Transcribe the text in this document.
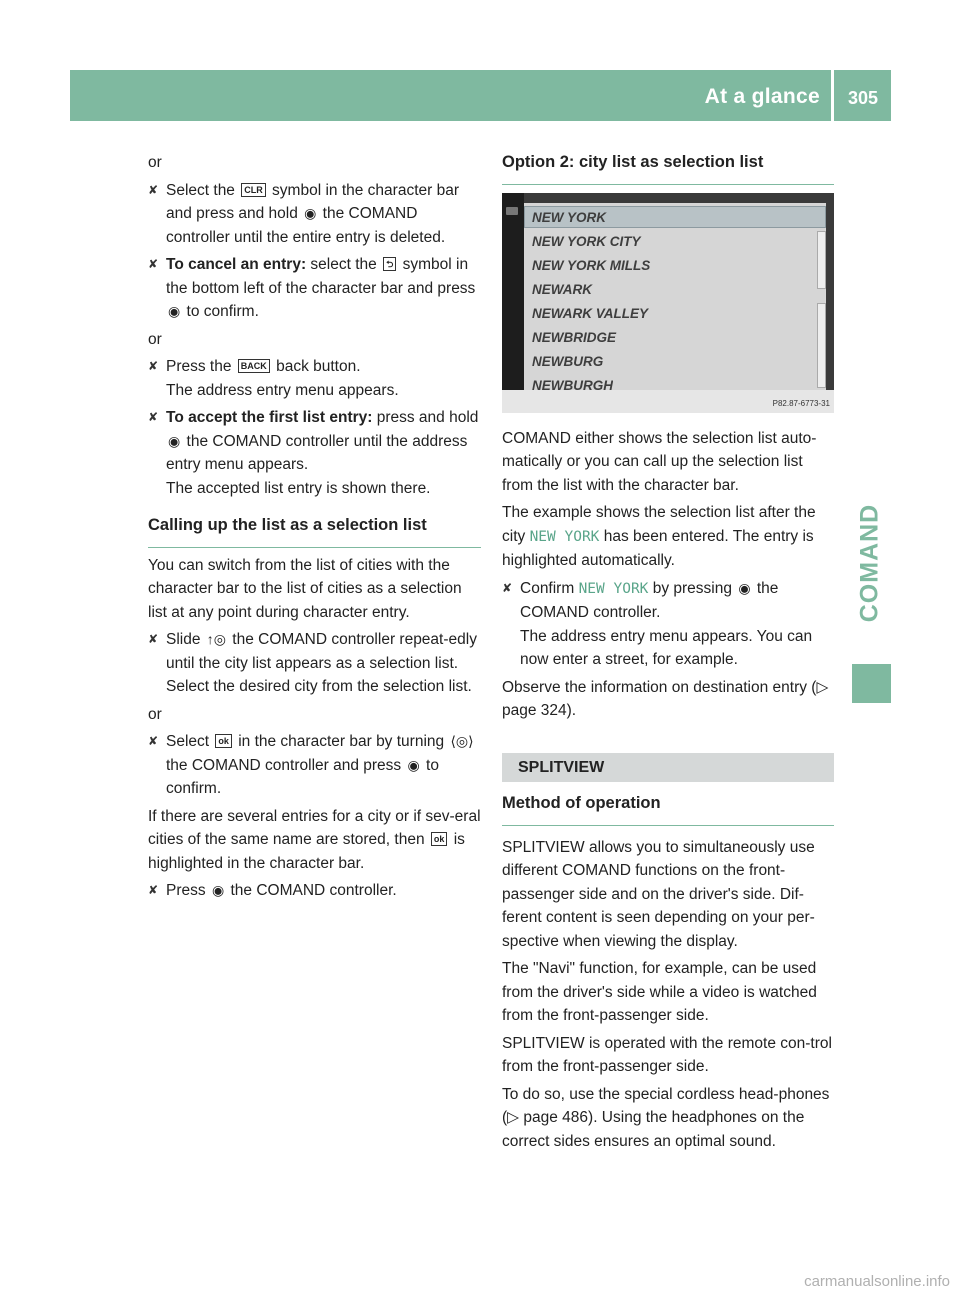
At a glance	305
COMAND

or

✘ Select the CLR symbol in the character bar and press and hold ◉ the COMAND controller until the entire entry is deleted.
✘ To cancel an entry: select the ⮌ symbol in the bottom left of the character bar and press ◉ to confirm.

or

✘ Press the BACK back button.
The address entry menu appears.
✘ To accept the first list entry: press and hold ◉ the COMAND controller until the address entry menu appears.
The accepted list entry is shown there.
Calling up the list as a selection list

You can switch from the list of cities with the character bar to the list of cities as a selection list at any point during character entry.

✘ Slide ↑◎ the COMAND controller repeat-edly until the city list appears as a selection list.
Select the desired city from the selection list.

or

✘ Select ok in the character bar by turning ⟨◎⟩ the COMAND controller and press ◉ to confirm.

If there are several entries for a city or if sev-eral cities of the same name are stored, then ok is highlighted in the character bar.

✘ Press ◉ the COMAND controller.
Option 2: city list as selection list
NEW YORK
NEW YORK CITY
NEW YORK MILLS
NEWARK
NEWARK VALLEY
NEWBRIDGE
NEWBURG
NEWBURGH
P82.87-6773-31

COMAND either shows the selection list auto-matically or you can call up the selection list from the list with the character bar.

The example shows the selection list after the city NEW YORK has been entered. The entry is highlighted automatically.

✘ Confirm NEW YORK by pressing ◉ the COMAND controller.
The address entry menu appears. You can now enter a street, for example.

Observe the information on destination entry (▷ page 324).

SPLITVIEW
Method of operation

SPLITVIEW allows you to simultaneously use different COMAND functions on the front-passenger side and on the driver's side. Dif-ferent content is seen depending on your per-spective when viewing the display.

The "Navi" function, for example, can be used from the driver's side while a video is watched from the front-passenger side.

SPLITVIEW is operated with the remote con-trol from the front-passenger side.

To do so, use the special cordless head-phones (▷ page 486). Using the headphones on the correct sides ensures an optimal sound.

carmanualsonline.info
